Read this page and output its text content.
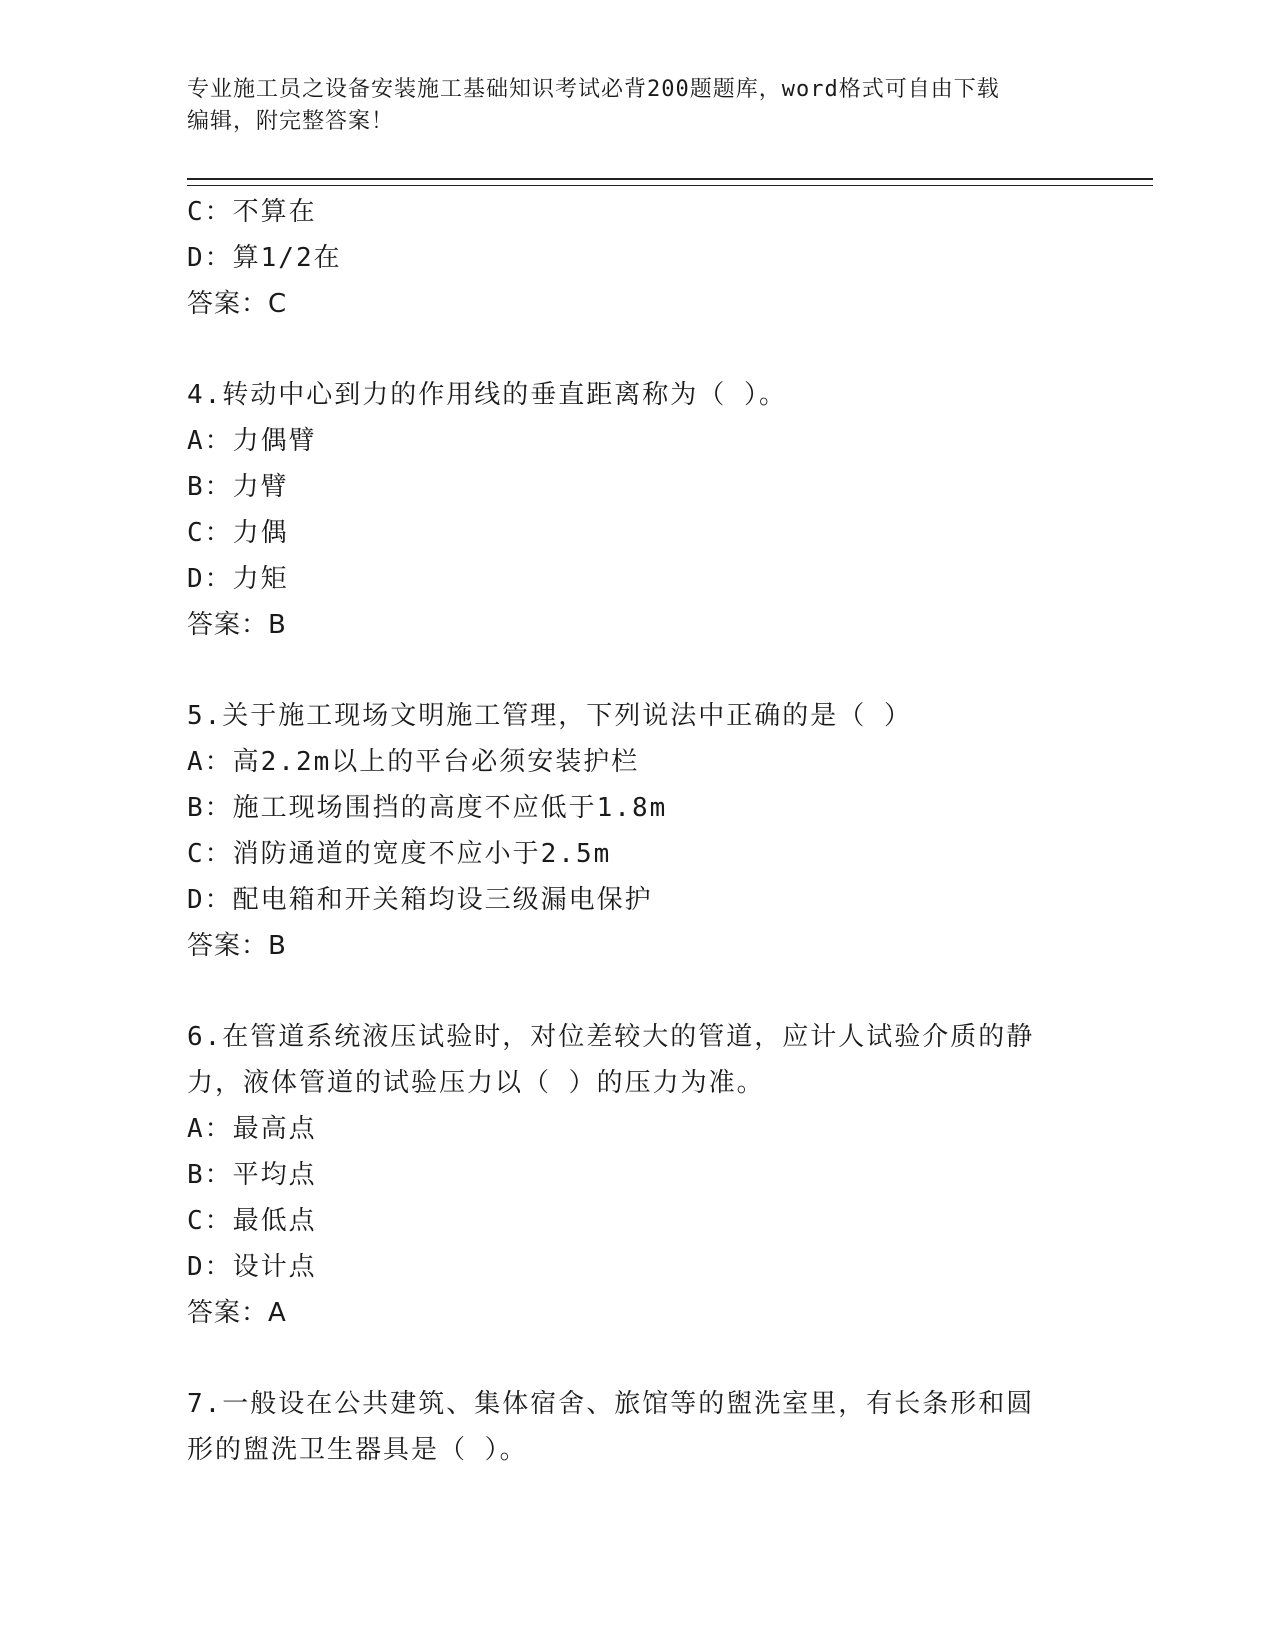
专业施工员之设备安装施工基础知识考试必背200题题库，word格式可自由下载
编辑，附完整答案！
C：不算在
D：算1/2在
答案：C
4.转动中心到力的作用线的垂直距离称为（ ）。
A：力偶臂
B：力臂
C：力偶
D：力矩
答案：B
5.关于施工现场文明施工管理，下列说法中正确的是（ ）
A：高2.2m以上的平台必须安装护栏
B：施工现场围挡的高度不应低于1.8m
C：消防通道的宽度不应小于2.5m
D：配电箱和开关箱均设三级漏电保护
答案：B
6.在管道系统液压试验时，对位差较大的管道，应计人试验介质的静
力，液体管道的试验压力以（ ）的压力为准。
A：最高点
B：平均点
C：最低点
D：设计点
答案：A
7.一般设在公共建筑、集体宿舍、旅馆等的盥洗室里，有长条形和圆
形的盥洗卫生器具是（ ）。
